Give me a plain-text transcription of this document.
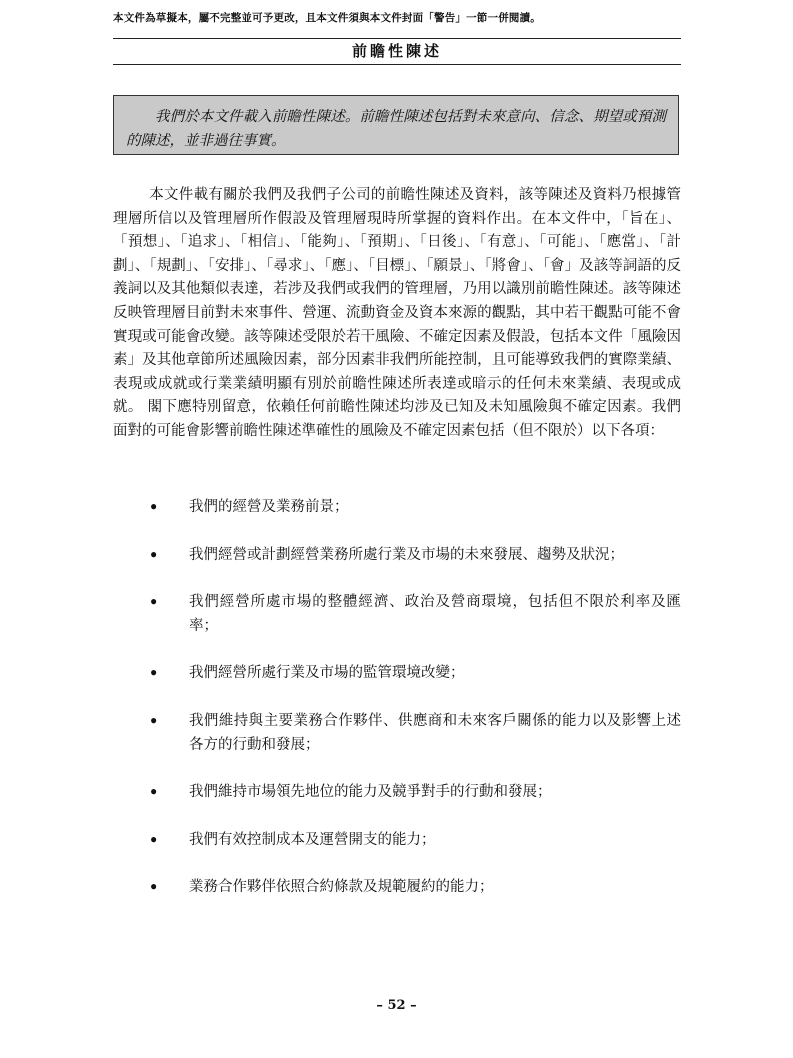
本文件為草擬本，屬不完整並可予更改，且本文件須與本文件封面「警告」一節一併閱讀。
前瞻性陳述
我們於本文件載入前瞻性陳述。前瞻性陳述包括對未來意向、信念、期望或預測的陳述，並非過往事實。
本文件載有關於我們及我們子公司的前瞻性陳述及資料，該等陳述及資料乃根據管理層所信以及管理層所作假設及管理層現時所掌握的資料作出。在本文件中，「旨在」、「預想」、「追求」、「相信」、「能夠」、「預期」、「日後」、「有意」、「可能」、「應當」、「計劃」、「規劃」、「安排」、「尋求」、「應」、「目標」、「願景」、「將會」、「會」及該等詞語的反義詞以及其他類似表達，若涉及我們或我們的管理層，乃用以識別前瞻性陳述。該等陳述反映管理層目前對未來事件、營運、流動資金及資本來源的觀點，其中若干觀點可能不會實現或可能會改變。該等陳述受限於若干風險、不確定因素及假設，包括本文件「風險因素」及其他章節所述風險因素，部分因素非我們所能控制，且可能導致我們的實際業績、表現或成就或行業業績明顯有別於前瞻性陳述所表達或暗示的任何未來業績、表現或成就。 閣下應特別留意，依賴任何前瞻性陳述均涉及已知及未知風險與不確定因素。我們面對的可能會影響前瞻性陳述準確性的風險及不確定因素包括（但不限於）以下各項：
• 我們的經營及業務前景；
• 我們經營或計劃經營業務所處行業及市場的未來發展、趨勢及狀況；
• 我們經營所處市場的整體經濟、政治及營商環境，包括但不限於利率及匯率；
• 我們經營所處行業及市場的監管環境改變；
• 我們維持與主要業務合作夥伴、供應商和未來客戶關係的能力以及影響上述各方的行動和發展；
• 我們維持市場領先地位的能力及競爭對手的行動和發展；
• 我們有效控制成本及運營開支的能力；
• 業務合作夥伴依照合約條款及規範履約的能力；
– 52 –
